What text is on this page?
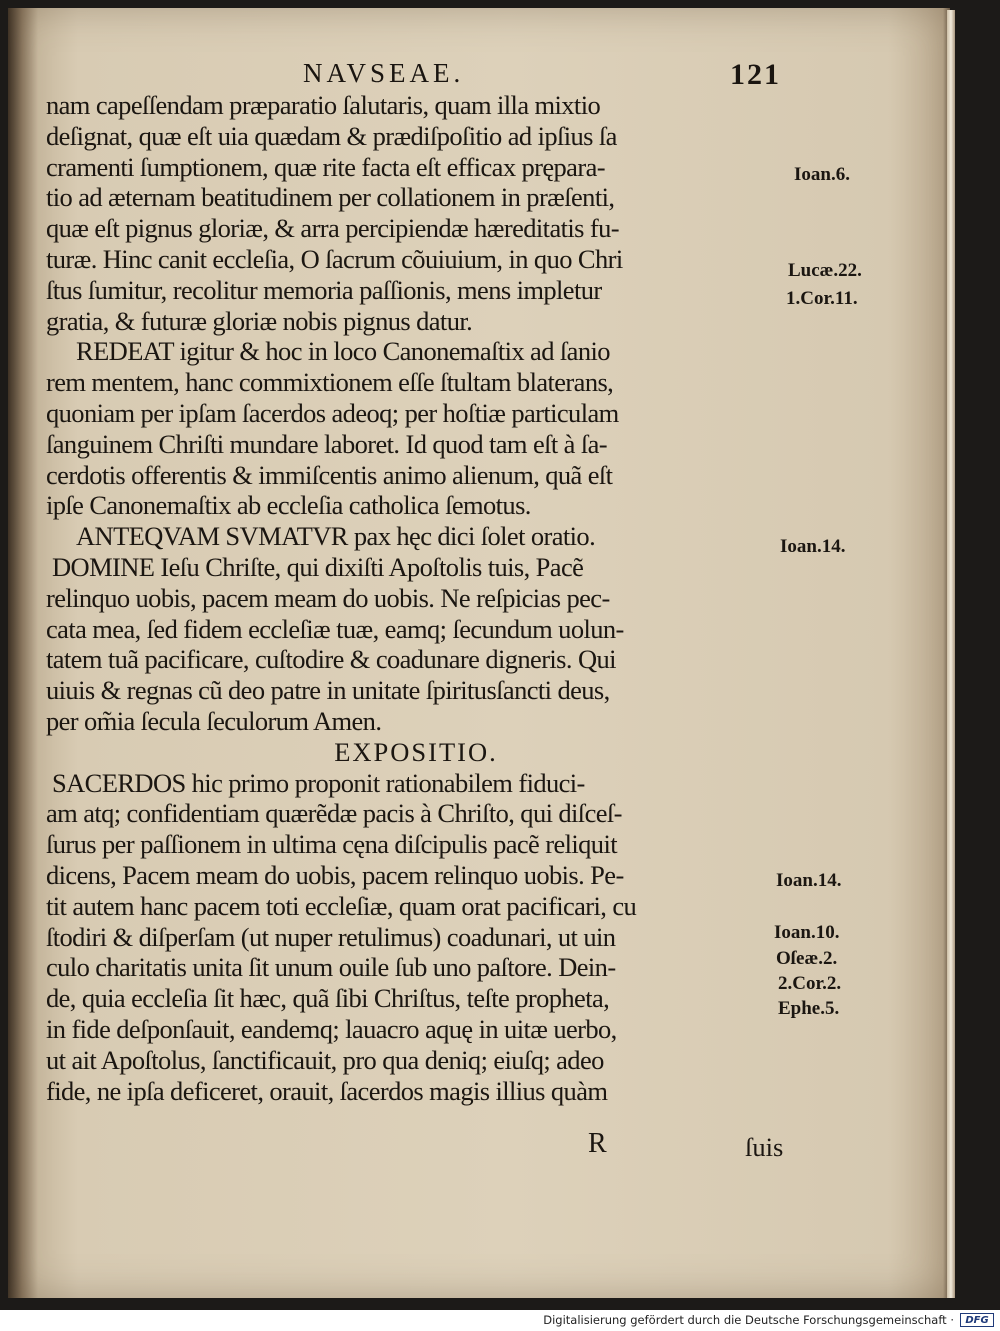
NAVSEAE.	121
nam capeſſendam præparatio ſalutaris, quam illa mixtio
deſignat, quæ eſt uia quædam & prædiſpoſitio ad ipſius ſa
cramenti ſumptionem, quæ rite facta eſt efficax prępara-
tio ad æternam beatitudinem per collationem in præſenti,
quæ eſt pignus gloriæ, & arra percipiendæ hæreditatis fu-
turæ. Hinc canit eccleſia, O ſacrum cõuiuium, in quo Chri
ſtus ſumitur, recolitur memoria paſſionis, mens impletur
gratia, & futuræ gloriæ nobis pignus datur.
REDEAT igitur & hoc in loco Canonemaſtix ad ſanio
rem mentem, hanc commixtionem eſſe ſtultam blaterans,
quoniam per ipſam ſacerdos adeoq; per hoſtiæ particulam
ſanguinem Chriſti mundare laboret. Id quod tam eſt à ſa-
cerdotis offerentis & immiſcentis animo alienum, quã eſt
ipſe Canonemaſtix ab eccleſia catholica ſemotus.
ANTEQVAM SVMATVR pax hęc dici ſolet oratio.
DOMINE Ieſu Chriſte, qui dixiſti Apoſtolis tuis, Pacẽ
relinquo uobis, pacem meam do uobis. Ne reſpicias pec-
cata mea, ſed fidem eccleſiæ tuæ, eamq; ſecundum uolun-
tatem tuã pacificare, cuſtodire & coadunare digneris. Qui
uiuis & regnas cũ deo patre in unitate ſpiritusſancti deus,
per om̃ia ſecula ſeculorum Amen.
EXPOSITIO.
SACERDOS hic primo proponit rationabilem fiduci-
am atq; confidentiam quærẽdæ pacis à Chriſto, qui diſceſ-
ſurus per paſſionem in ultima cęna diſcipulis pacẽ reliquit
dicens, Pacem meam do uobis, pacem relinquo uobis. Pe-
tit autem hanc pacem toti eccleſiæ, quam orat pacificari, cu
ſtodiri & diſperſam (ut nuper retulimus) coadunari, ut uin
culo charitatis unita ſit unum ouile ſub uno paſtore. Dein-
de, quia eccleſia ſit hæc, quã ſibi Chriſtus, teſte propheta,
in fide deſponſauit, eandemq; lauacro aquę in uitæ uerbo,
ut ait Apoſtolus, ſanctificauit, pro qua deniq; eiuſq; adeo
fide, ne ipſa deficeret, orauit, ſacerdos magis illius quàm
Ioan.6.
Lucæ.22.
1.Cor.11.
Ioan.14.
Ioan.14.
Ioan.10.
Oſeæ.2.
2.Cor.2.
Ephe.5.
R	ſuis
Digitalisierung gefördert durch die Deutsche Forschungsgemeinschaft ·	DFG
